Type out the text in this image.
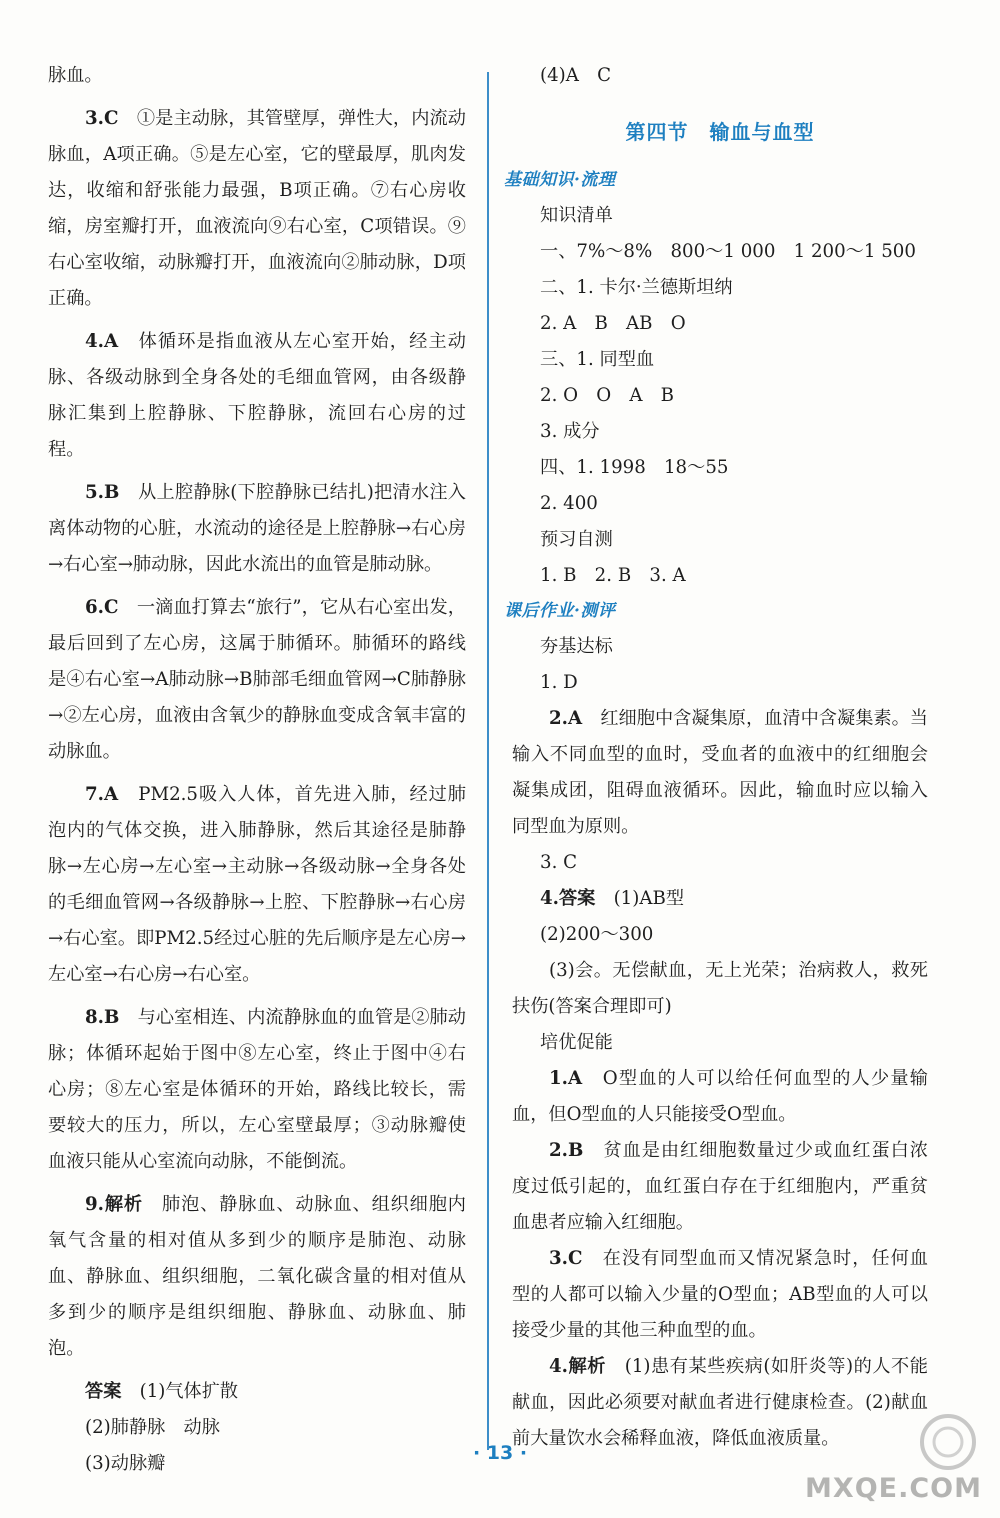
脉血。

3.C　 ①是主动脉，其管壁厚，弹性大，内流动脉血，A项正确。⑤是左心室，它的壁最厚，肌肉发达，收缩和舒张能力最强，B项正确。⑦右心房收缩，房室瓣打开，血液流向⑨右心室，C项错误。⑨右心室收缩，动脉瓣打开，血液流向②肺动脉，D项正确。

4.A　 体循环是指血液从左心室开始，经主动脉、各级动脉到全身各处的毛细血管网，由各级静脉汇集到上腔静脉、下腔静脉，流回右心房的过程。

5.B　 从上腔静脉(下腔静脉已结扎)把清水注入离体动物的心脏，水流动的途径是上腔静脉→右心房→右心室→肺动脉，因此水流出的血管是肺动脉。

6.C　 一滴血打算去“旅行”，它从右心室出发，最后回到了左心房，这属于肺循环。肺循环的路线是④右心室→A肺动脉→B肺部毛细血管网→C肺静脉→②左心房，血液由含氧少的静脉血变成含氧丰富的动脉血。

7.A　 PM2.5吸入人体，首先进入肺，经过肺泡内的气体交换，进入肺静脉，然后其途径是肺静脉→左心房→左心室→主动脉→各级动脉→全身各处的毛细血管网→各级静脉→上腔、下腔静脉→右心房→右心室。即PM2.5经过心脏的先后顺序是左心房→左心室→右心房→右心室。

8.B　 与心室相连、内流静脉血的血管是②肺动脉；体循环起始于图中⑧左心室，终止于图中④右心房；⑧左心室是体循环的开始，路线比较长，需要较大的压力，所以，左心室壁最厚；③动脉瓣使血液只能从心室流向动脉，不能倒流。

9.解析　 肺泡、静脉血、动脉血、组织细胞内氧气含量的相对值从多到少的顺序是肺泡、动脉血、静脉血、组织细胞，二氧化碳含量的相对值从多到少的顺序是组织细胞、静脉血、动脉血、肺泡。

答案　 (1)气体扩散

(2)肺静脉　动脉

(3)动脉瓣

(4)A　C

第四节　输血与血型
基础知识·流理

知识清单

一、7%～8%　800～1 000　1 200～1 500

二、1. 卡尔·兰德斯坦纳

2. A　B　AB　O

三、1. 同型血

2. O　O　A　B

3. 成分

四、1. 1998　18～55

2. 400

预习自测

1. B　2. B　3. A

课后作业·测评

夯基达标

1. D

2.A　 红细胞中含凝集原，血清中含凝集素。当输入不同血型的血时，受血者的血液中的红细胞会凝集成团，阻碍血液循环。因此，输血时应以输入同型血为原则。

3. C

4.答案　 (1)AB型

(2)200～300

(3)会。无偿献血，无上光荣；治病救人，救死扶伤(答案合理即可)

培优促能

1.A　 O型血的人可以给任何血型的人少量输血，但O型血的人只能接受O型血。

2.B　 贫血是由红细胞数量过少或血红蛋白浓度过低引起的，血红蛋白存在于红细胞内，严重贫血患者应输入红细胞。

3.C　 在没有同型血而又情况紧急时，任何血型的人都可以输入少量的O型血；AB型血的人可以接受少量的其他三种血型的血。

4.解析　 (1)患有某些疾病(如肝炎等)的人不能献血，因此必须要对献血者进行健康检查。(2)献血前大量饮水会稀释血液，降低血液质量。

· 13 ·
MXQE.COM
